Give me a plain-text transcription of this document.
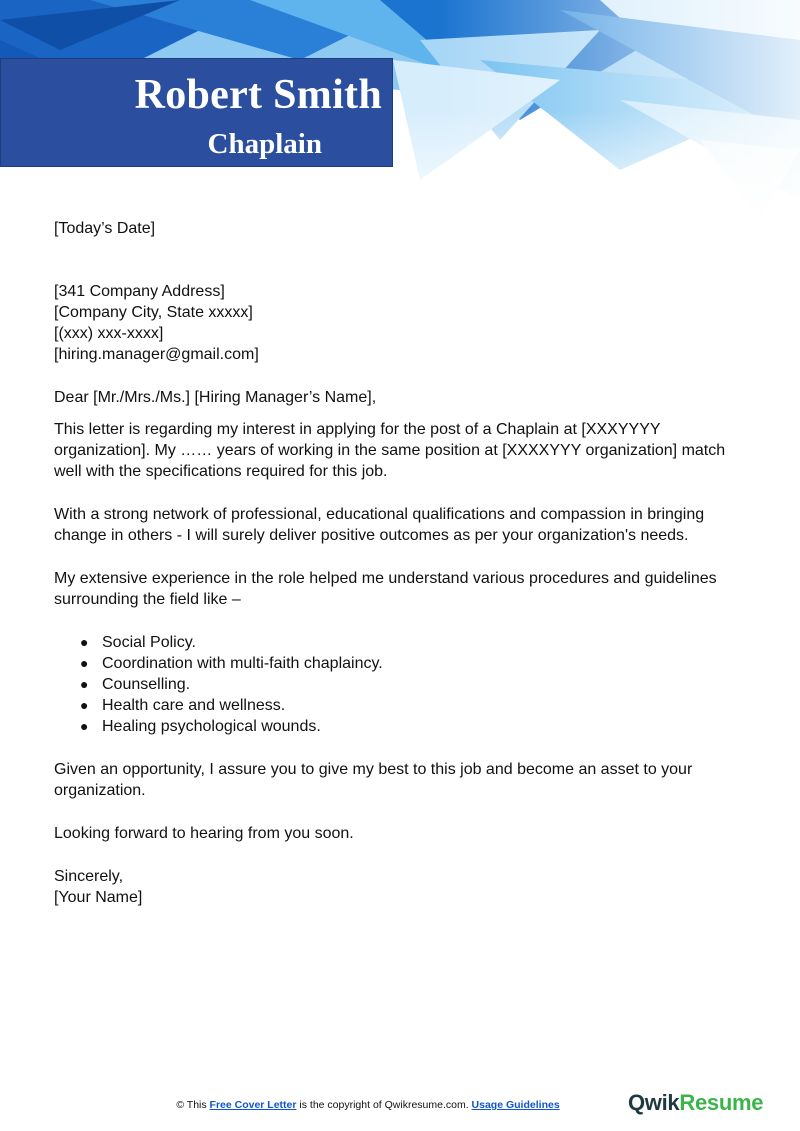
Robert Smith
Chaplain
[Today’s Date]
[341 Company Address]
[Company City, State xxxxx]
[(xxx) xxx-xxxx]
[hiring.manager@gmail.com]
Dear [Mr./Mrs./Ms.] [Hiring Manager’s Name],

This letter is regarding my interest in applying for the post of a Chaplain at [XXXYYYY
organization]. My …… years of working in the same position at [XXXXYYY organization] match
well with the specifications required for this job.

With a strong network of professional, educational qualifications and compassion in bringing
change in others - I will surely deliver positive outcomes as per your organization's needs.

My extensive experience in the role helped me understand various procedures and guidelines
surrounding the field like –

● Social Policy.
● Coordination with multi-faith chaplaincy.
● Counselling.
● Health care and wellness.
● Healing psychological wounds.

Given an opportunity, I assure you to give my best to this job and become an asset to your
organization.

Looking forward to hearing from you soon.

Sincerely,
[Your Name]
© This Free Cover Letter is the copyright of Qwikresume.com. Usage Guidelines	QwikResume
